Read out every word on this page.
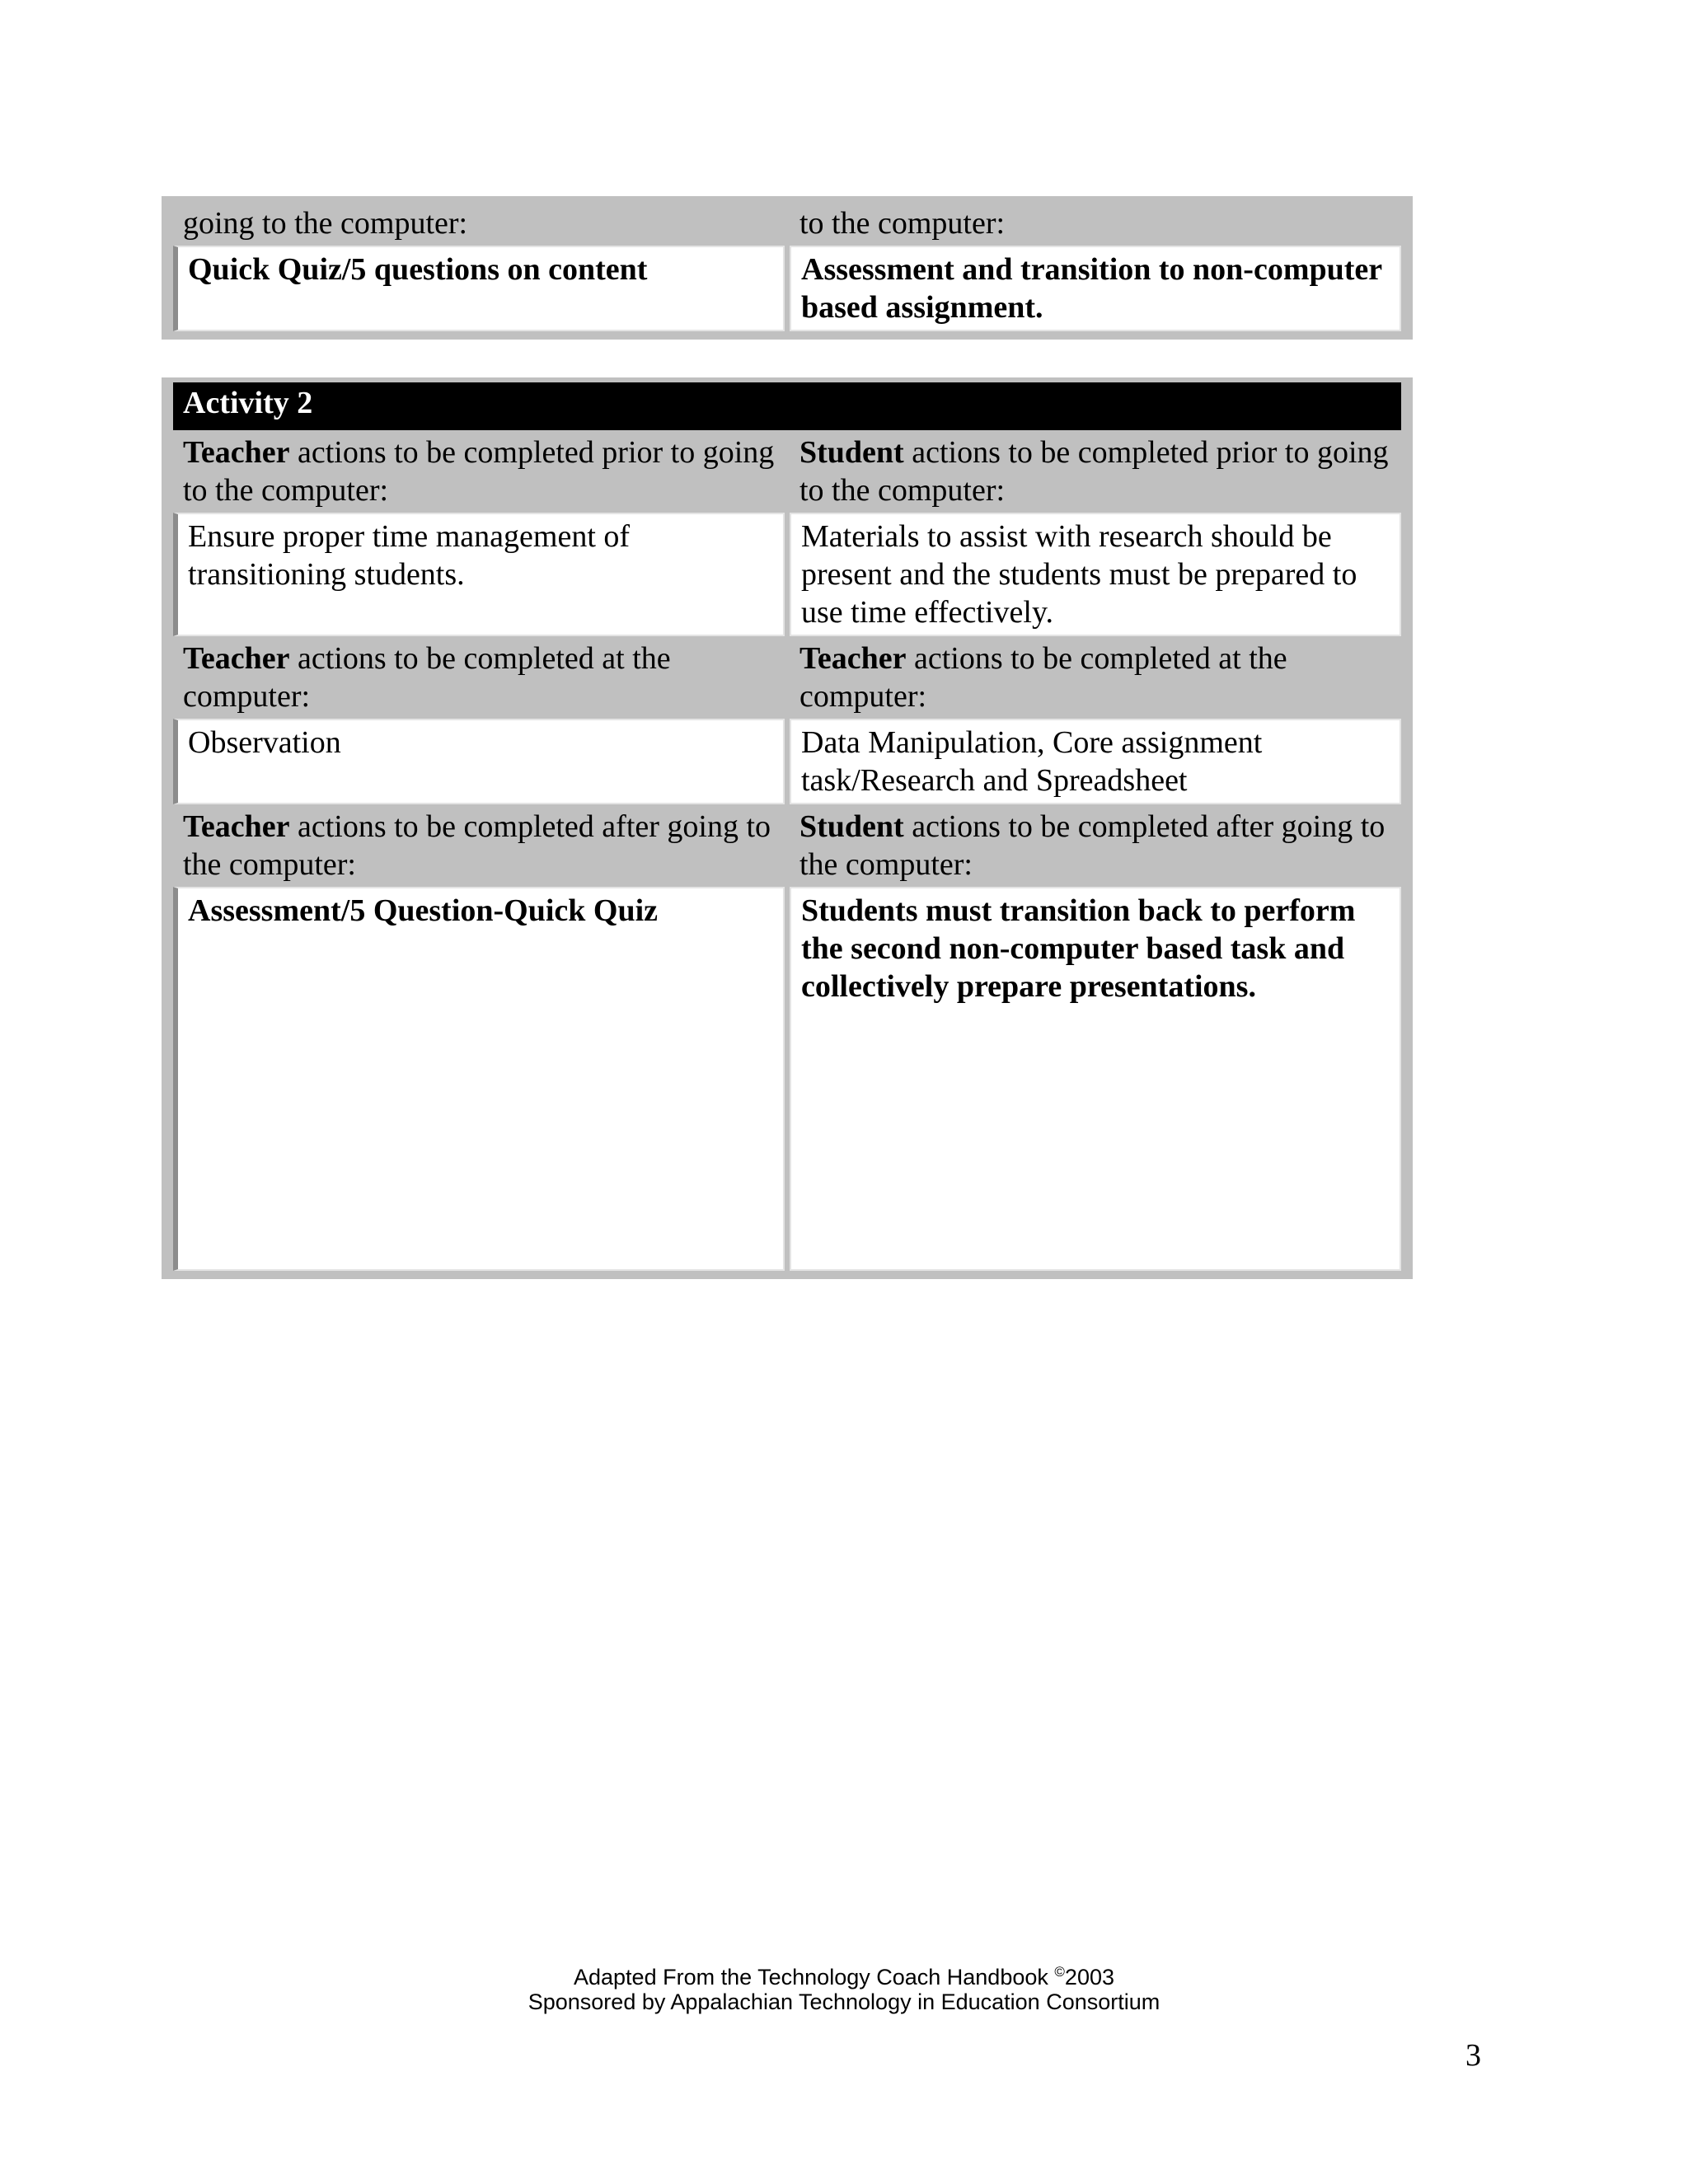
going to the computer:	to the computer:
Quick Quiz/5 questions on content	Assessment and transition to non-computer based assignment.
Activity 2	
Teacher actions to be completed prior to going to the computer:	Student actions to be completed prior to going to the computer:
Ensure proper time management of transitioning students.	Materials to assist with research should be present and the students must be prepared to use time effectively.
Teacher actions to be completed at the computer:	Teacher actions to be completed at the computer:
Observation	Data Manipulation, Core assignment task/Research and Spreadsheet
Teacher actions to be completed after going to the computer:	Student actions to be completed after going to the computer:
Assessment/5 Question-Quick Quiz	Students must transition back to perform the second non-computer based task and collectively prepare presentations.
Adapted From the Technology Coach Handbook ©2003
Sponsored by Appalachian Technology in Education Consortium
3
